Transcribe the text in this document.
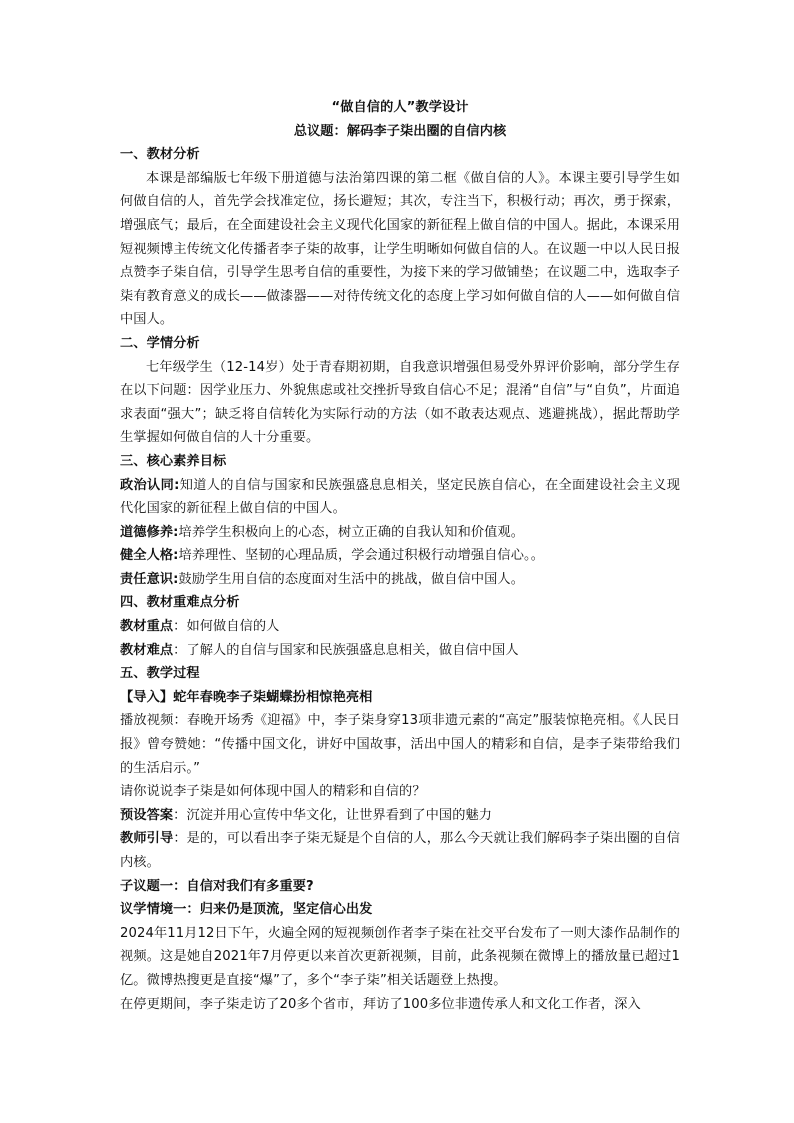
“做自信的人”教学设计
总议题：解码李子柒出圈的自信内核
一、教材分析
本课是部编版七年级下册道德与法治第四课的第二框《做自信的人》。本课主要引导学生如何做自信的人，首先学会找准定位，扬长避短；其次，专注当下，积极行动；再次，勇于探索，增强底气；最后，在全面建设社会主义现代化国家的新征程上做自信的中国人。据此，本课采用短视频博主传统文化传播者李子柒的故事，让学生明晰如何做自信的人。在议题一中以人民日报点赞李子柒自信，引导学生思考自信的重要性，为接下来的学习做铺垫；在议题二中，选取李子柒有教育意义的成长——做漆器——对待传统文化的态度上学习如何做自信的人——如何做自信中国人。
二、学情分析
七年级学生（12-14岁）处于青春期初期，自我意识增强但易受外界评价影响，部分学生存在以下问题：因学业压力、外貌焦虑或社交挫折导致自信心不足；混淆“自信”与“自负”，片面追求表面“强大”；缺乏将自信转化为实际行动的方法（如不敢表达观点、逃避挑战），据此帮助学生掌握如何做自信的人十分重要。
三、核心素养目标
政治认同:知道人的自信与国家和民族强盛息息相关，坚定民族自信心，在全面建设社会主义现代化国家的新征程上做自信的中国人。
道德修养:培养学生积极向上的心态，树立正确的自我认知和价值观。
健全人格:培养理性、坚韧的心理品质，学会通过积极行动增强自信心。。
责任意识:鼓励学生用自信的态度面对生活中的挑战，做自信中国人。
四、教材重难点分析
教材重点：如何做自信的人
教材难点：了解人的自信与国家和民族强盛息息相关，做自信中国人
五、教学过程
【导入】蛇年春晚李子柒蝴蝶扮相惊艳亮相
播放视频：春晚开场秀《迎福》中，李子柒身穿13项非遗元素的“高定”服装惊艳亮相。《人民日报》曾夸赞她：“传播中国文化，讲好中国故事，活出中国人的精彩和自信，是李子柒带给我们的生活启示。”
请你说说李子柒是如何体现中国人的精彩和自信的？
预设答案：沉淀并用心宣传中华文化，让世界看到了中国的魅力
教师引导：是的，可以看出李子柒无疑是个自信的人，那么今天就让我们解码李子柒出圈的自信内核。
子议题一：自信对我们有多重要?
议学情境一：归来仍是顶流，坚定信心出发
2024年11月12日下午，火遍全网的短视频创作者李子柒在社交平台发布了一则大漆作品制作的视频。这是她自2021年7月停更以来首次更新视频，目前，此条视频在微博上的播放量已超过1亿。微博热搜更是直接“爆”了，多个“李子柒”相关话题登上热搜。
在停更期间，李子柒走访了20多个省市，拜访了100多位非遗传承人和文化工作者，深入
